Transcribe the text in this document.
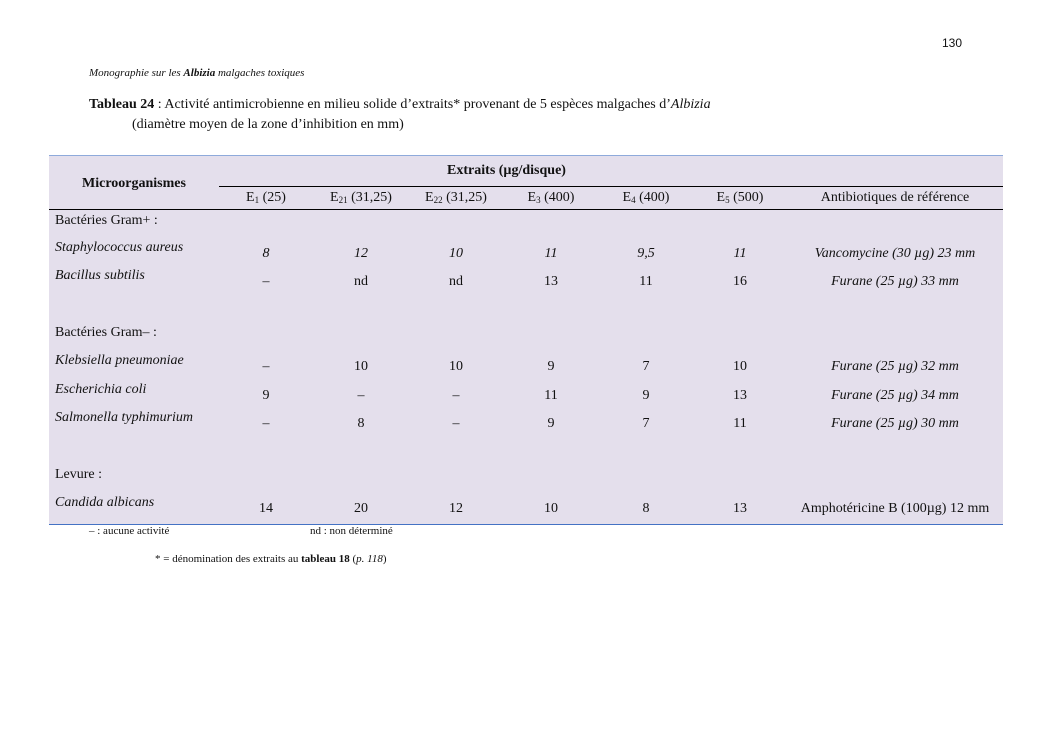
130
Monographie sur les Albizia malgaches toxiques
Tableau 24 : Activité antimicrobienne en milieu solide d’extraits* provenant de 5 espèces malgaches d’Albizia
(diamètre moyen de la zone d’inhibition en mm)
Microorganismes
Extraits (µg/disque)
Antibiotiques de référence
$E_1$ (25)	$E_{21}$ (31,25)	$E_{22}$ (31,25)	$E_3$ (400)	$E_4$ (400)	$E_5$ (500)
Bactéries Gram+ :
Staphylococcus aureus	8	12	10	11	9,5	11	Vancomycine (30 µg) 23 mm
Bacillus subtilis	–	nd	nd	13	11	16	Furane (25 µg) 33 mm
Bactéries Gram– :
Klebsiella pneumoniae	–	10	10	9	7	10	Furane (25 µg) 32 mm
Escherichia coli	9	–	–	11	9	13	Furane (25 µg) 34 mm
Salmonella typhimurium	–	8	–	9	7	11	Furane (25 µg) 30 mm
Levure :
Candida albicans	14	20	12	10	8	13	Amphotéricine B (100µg) 12 mm
– : aucune activité	nd : non déterminé
* = dénomination des extraits au tableau 18 (p. 118)
